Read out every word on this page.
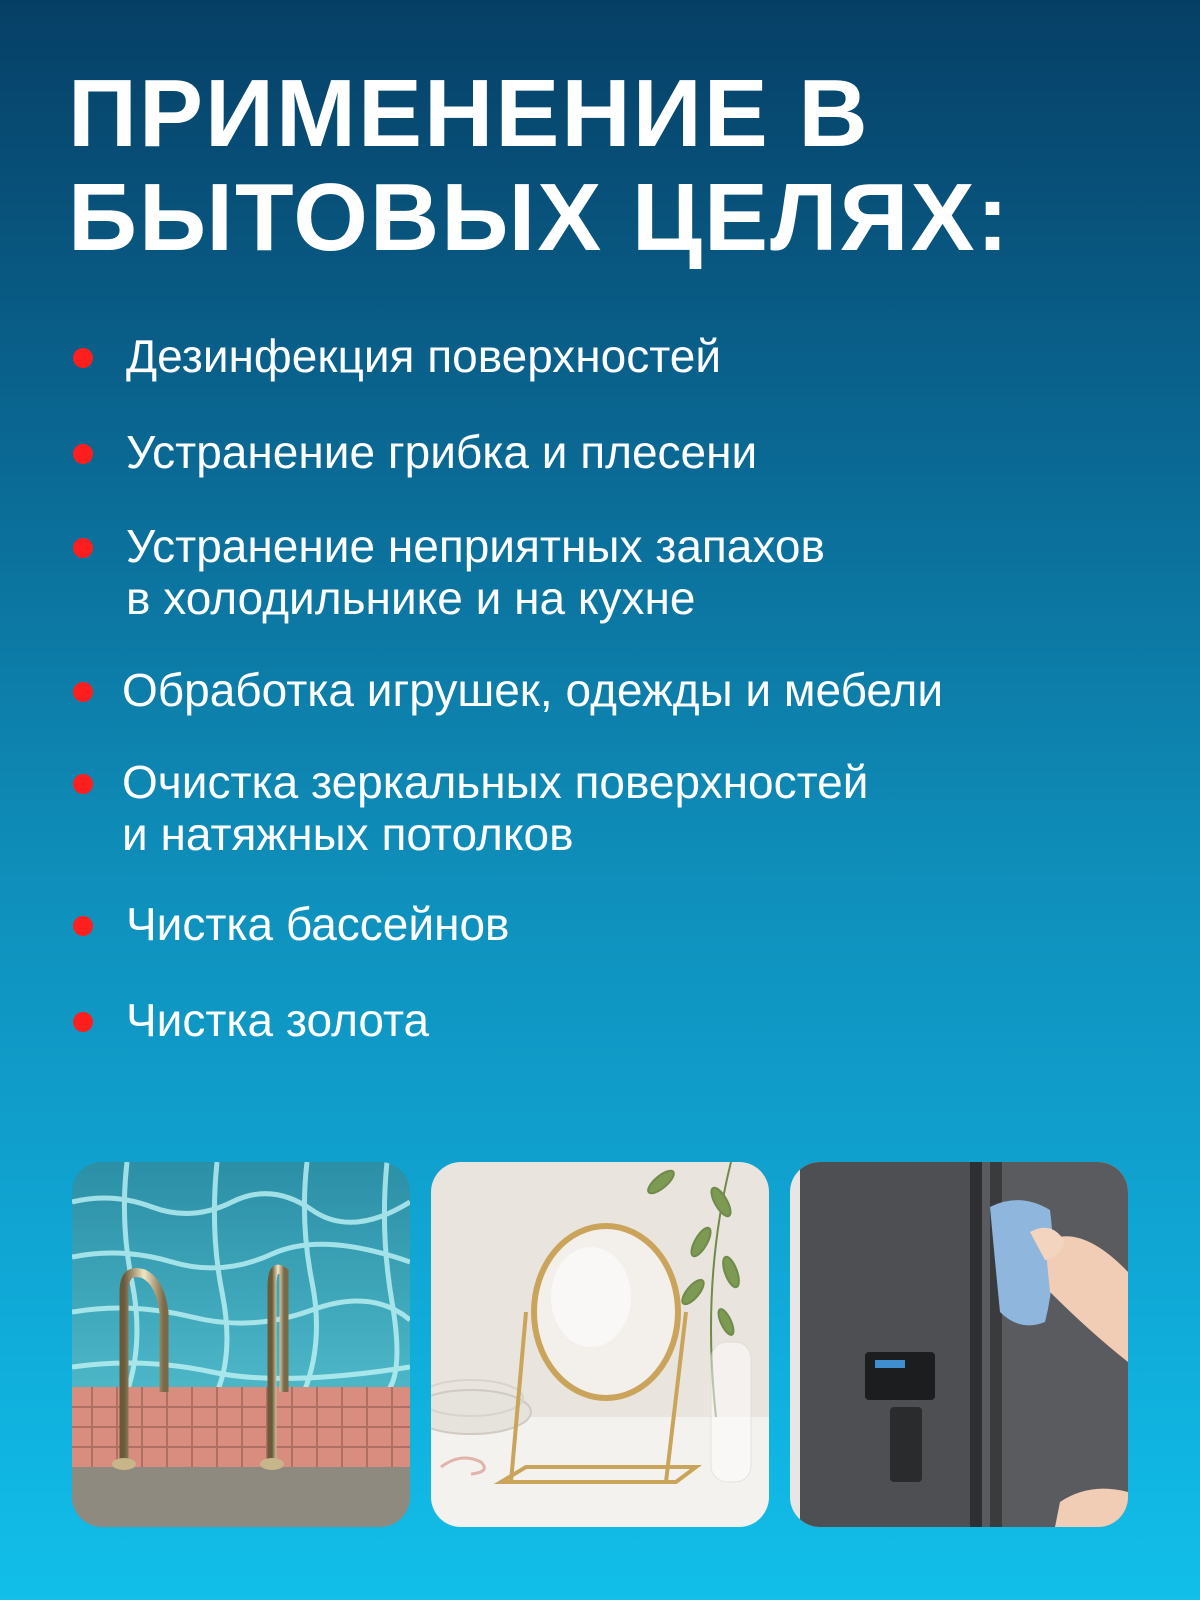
ПРИМЕНЕНИЕ В
БЫТОВЫХ ЦЕЛЯХ:
Дезинфекция поверхностей
Устранение грибка и плесени
Устранение неприятных запахов
в холодильнике и на кухне
Обработка игрушек, одежды и мебели
Очистка зеркальных поверхностей
и натяжных потолков
Чистка бассейнов
Чистка золота
